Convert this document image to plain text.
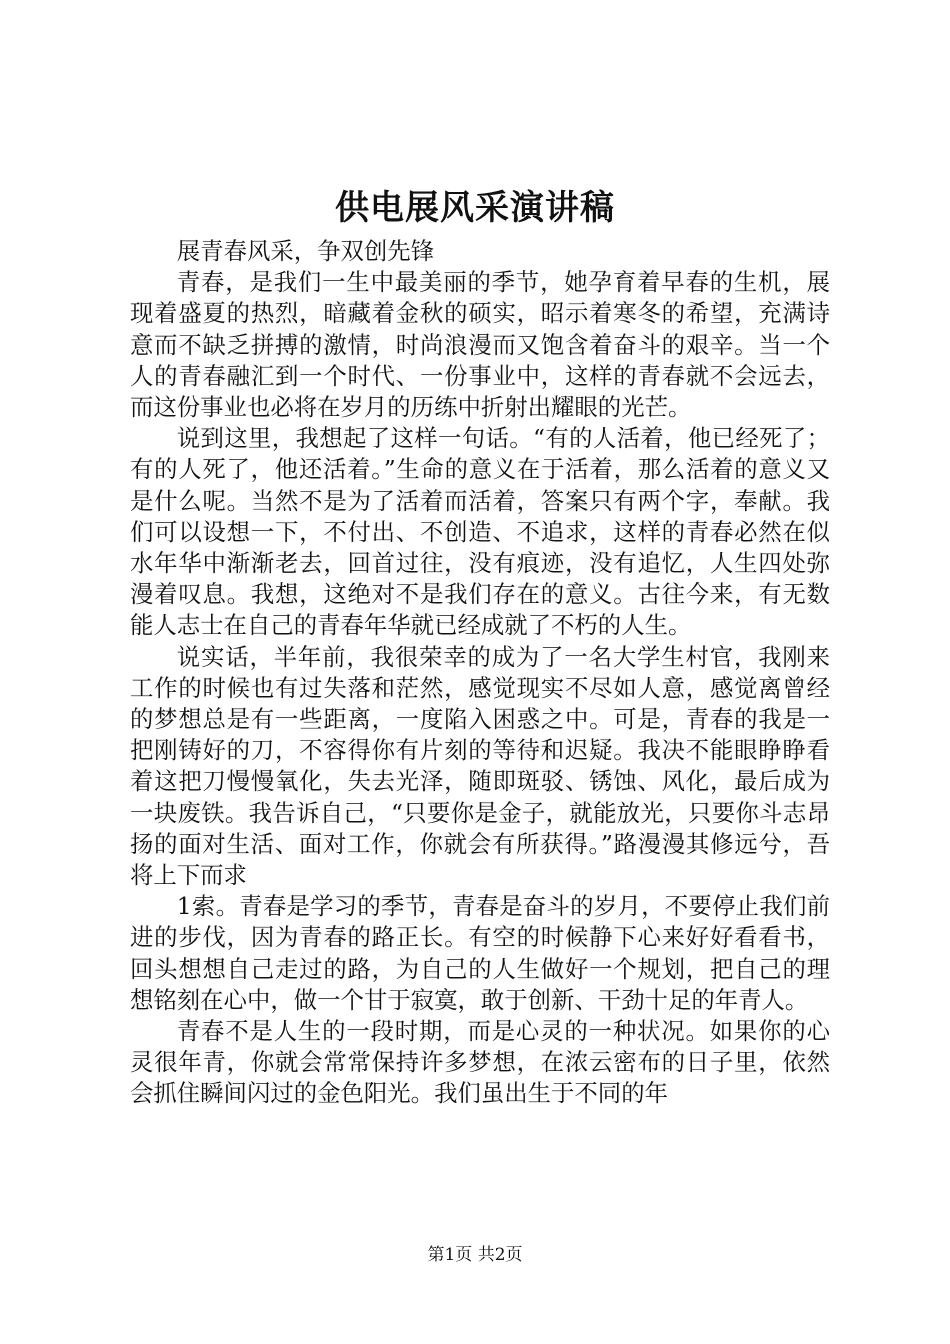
供电展风采演讲稿

展青春风采，争双创先锋

青春，是我们一生中最美丽的季节，她孕育着早春的生机，展现着盛夏的热烈，暗藏着金秋的硕实，昭示着寒冬的希望，充满诗意而不缺乏拼搏的激情，时尚浪漫而又饱含着奋斗的艰辛。当一个人的青春融汇到一个时代、一份事业中，这样的青春就不会远去，而这份事业也必将在岁月的历练中折射出耀眼的光芒。

说到这里，我想起了这样一句话。“有的人活着，他已经死了；有的人死了，他还活着。”生命的意义在于活着，那么活着的意义又是什么呢。当然不是为了活着而活着，答案只有两个字，奉献。我们可以设想一下，不付出、不创造、不追求，这样的青春必然在似水年华中渐渐老去，回首过往，没有痕迹，没有追忆，人生四处弥漫着叹息。我想，这绝对不是我们存在的意义。古往今来，有无数能人志士在自己的青春年华就已经成就了不朽的人生。

说实话，半年前，我很荣幸的成为了一名大学生村官，我刚来工作的时候也有过失落和茫然，感觉现实不尽如人意，感觉离曾经的梦想总是有一些距离，一度陷入困惑之中。可是，青春的我是一把刚铸好的刀，不容得你有片刻的等待和迟疑。我决不能眼睁睁看着这把刀慢慢氧化，失去光泽，随即斑驳、锈蚀、风化，最后成为一块废铁。我告诉自己，“只要你是金子，就能放光，只要你斗志昂扬的面对生活、面对工作，你就会有所获得。”路漫漫其修远兮，吾将上下而求

1索。青春是学习的季节，青春是奋斗的岁月，不要停止我们前进的步伐，因为青春的路正长。有空的时候静下心来好好看看书，回头想想自己走过的路，为自己的人生做好一个规划，把自己的理想铭刻在心中，做一个甘于寂寞，敢于创新、干劲十足的年青人。

青春不是人生的一段时期，而是心灵的一种状况。如果你的心灵很年青，你就会常常保持许多梦想，在浓云密布的日子里，依然会抓住瞬间闪过的金色阳光。我们虽出生于不同的年

第1页 共2页
